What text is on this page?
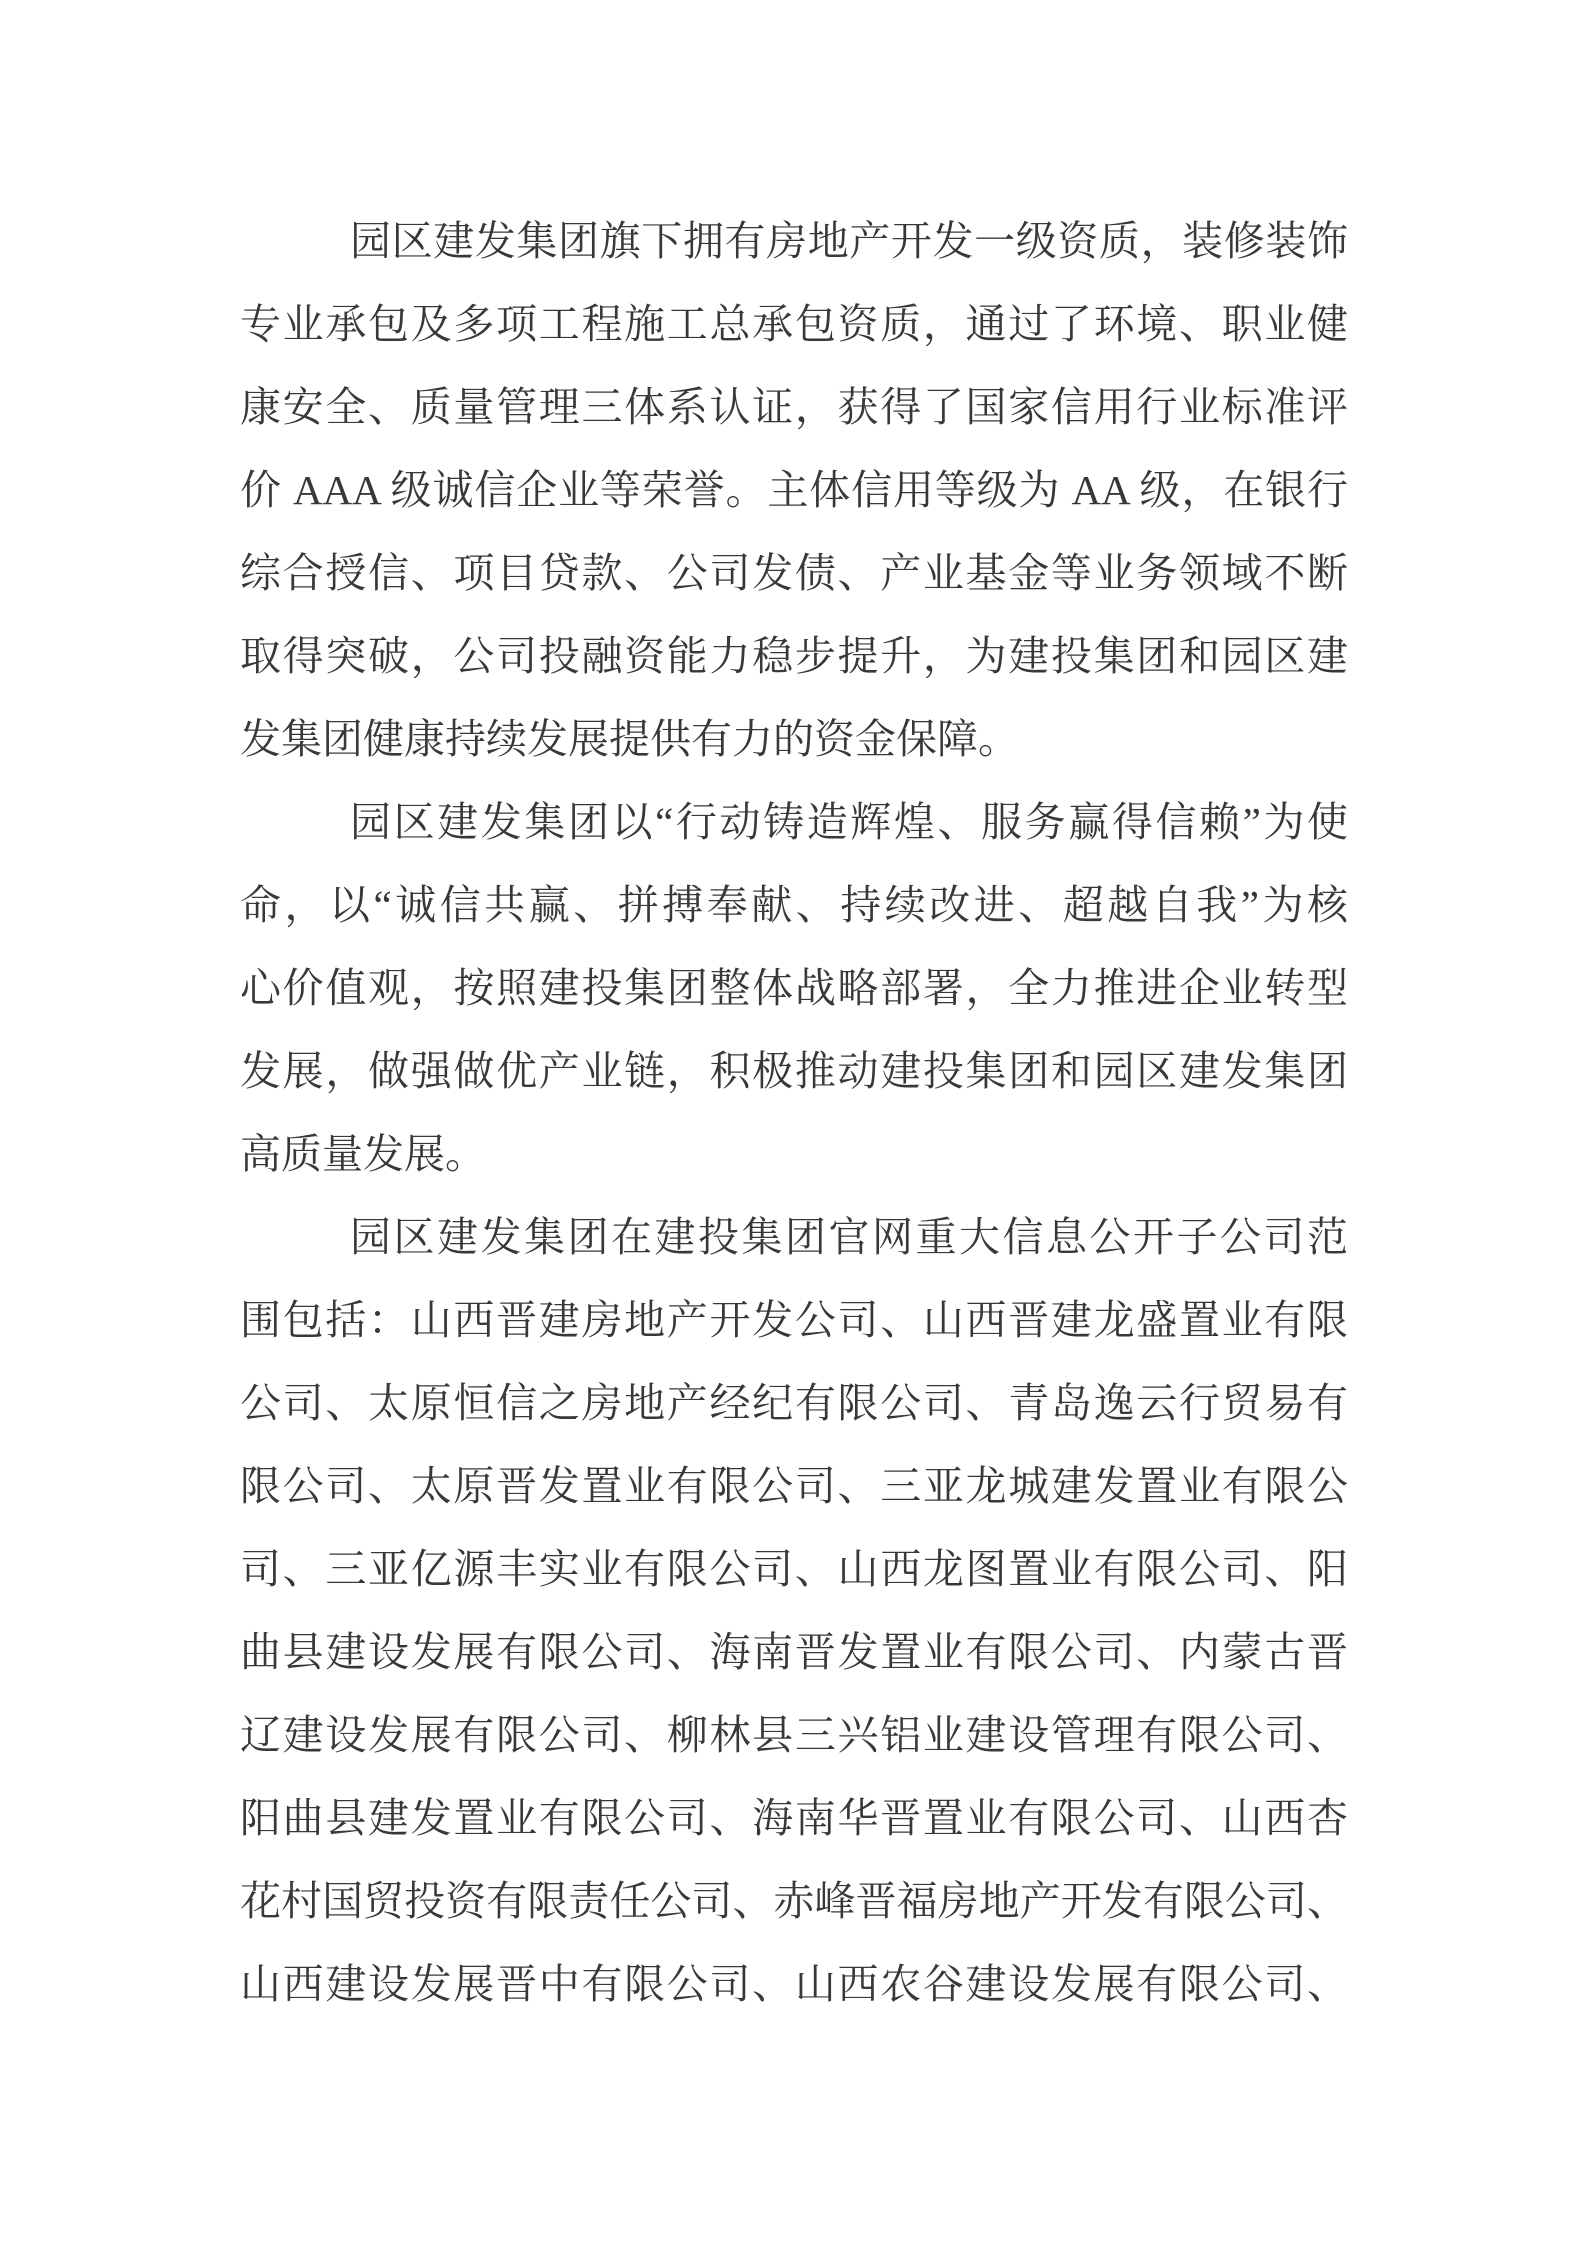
园区建发集团旗下拥有房地产开发一级资质，装修装饰

专业承包及多项工程施工总承包资质，通过了环境、职业健

康安全、质量管理三体系认证，获得了国家信用行业标准评

价 AAA 级诚信企业等荣誉。主体信用等级为 AA 级，在银行

综合授信、项目贷款、公司发债、产业基金等业务领域不断

取得突破，公司投融资能力稳步提升，为建投集团和园区建

发集团健康持续发展提供有力的资金保障。

园区建发集团以“行动铸造辉煌、服务赢得信赖”为使

命，以“诚信共赢、拼搏奉献、持续改进、超越自我”为核

心价值观，按照建投集团整体战略部署，全力推进企业转型

发展，做强做优产业链，积极推动建投集团和园区建发集团

高质量发展。

园区建发集团在建投集团官网重大信息公开子公司范

围包括：山西晋建房地产开发公司、山西晋建龙盛置业有限

公司、太原恒信之房地产经纪有限公司、青岛逸云行贸易有

限公司、太原晋发置业有限公司、三亚龙城建发置业有限公

司、三亚亿源丰实业有限公司、山西龙图置业有限公司、阳

曲县建设发展有限公司、海南晋发置业有限公司、内蒙古晋

辽建设发展有限公司、柳林县三兴铝业建设管理有限公司、

阳曲县建发置业有限公司、海南华晋置业有限公司、山西杏

花村国贸投资有限责任公司、赤峰晋福房地产开发有限公司、

山西建设发展晋中有限公司、山西农谷建设发展有限公司、
